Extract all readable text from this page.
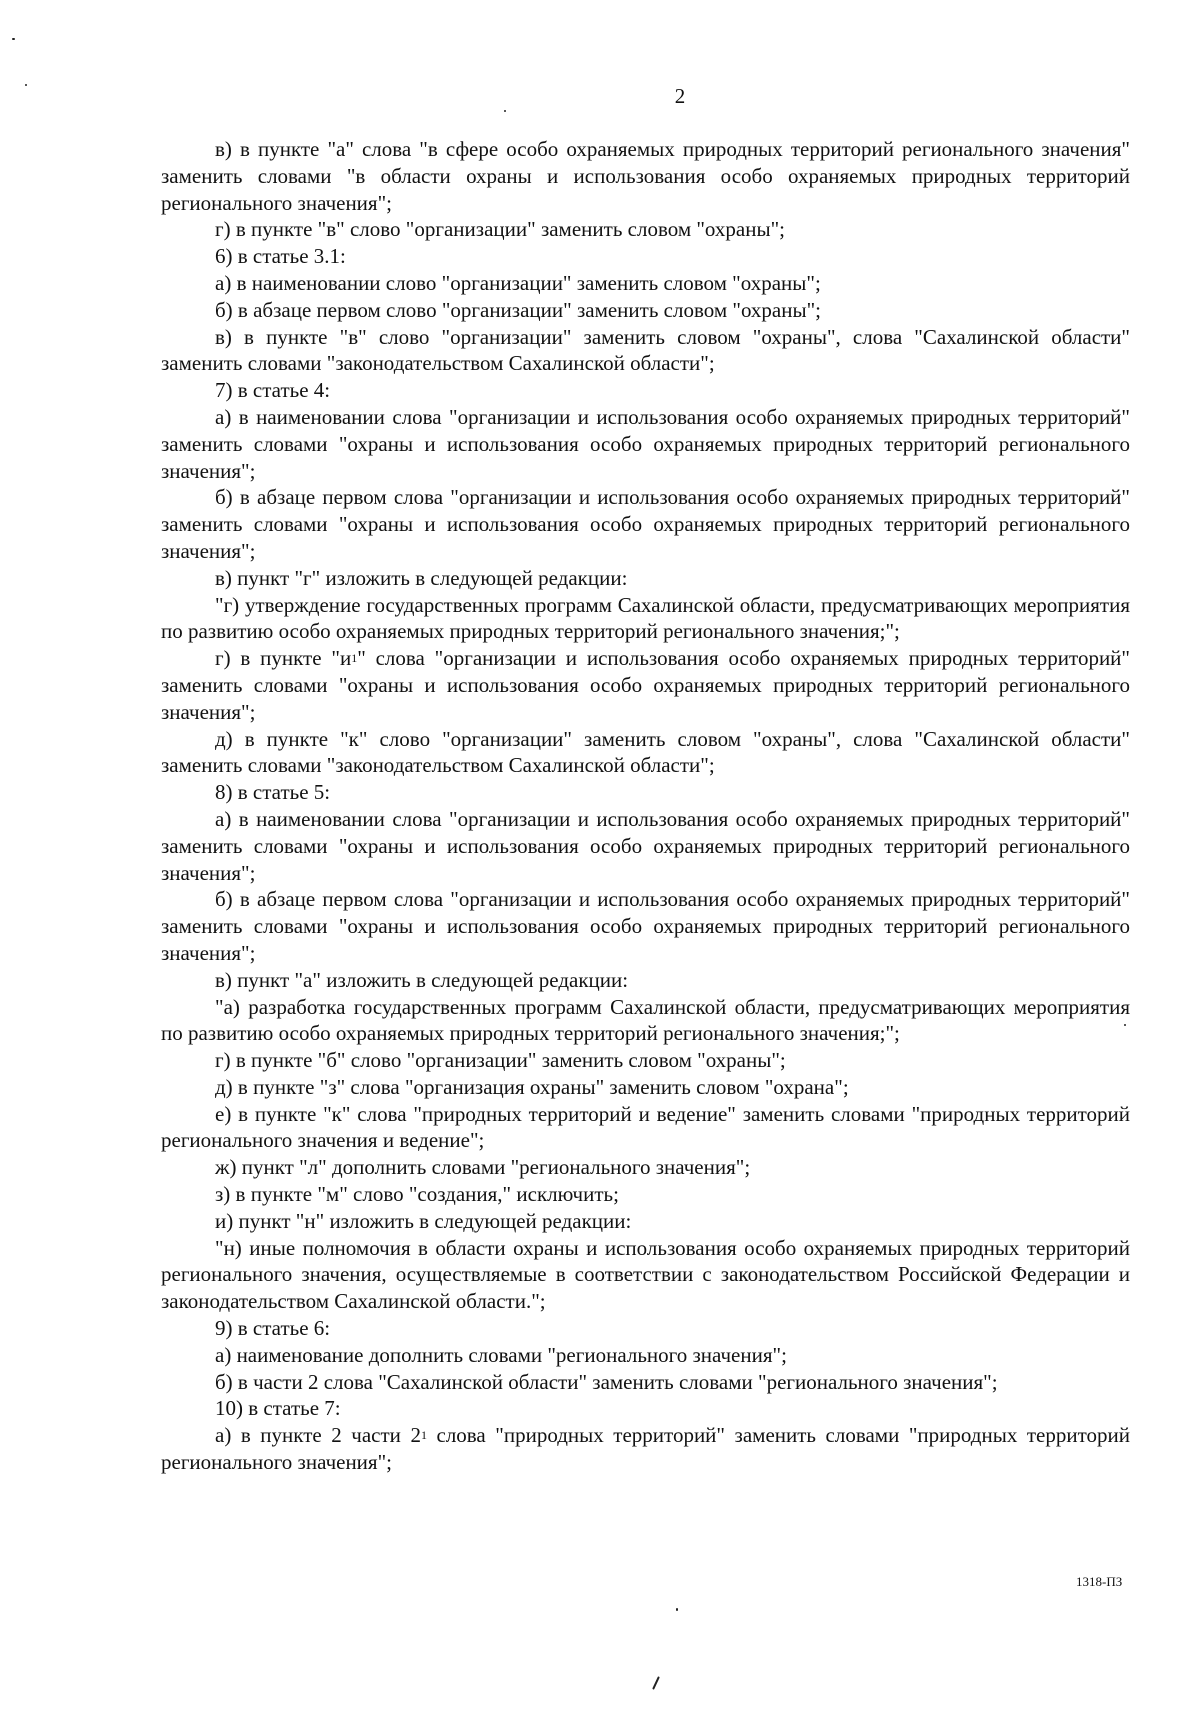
2

в) в пункте "а" слова "в сфере особо охраняемых природных территорий регионального значения" заменить словами "в области охраны и использования особо охраняемых природных территорий регионального значения";

г) в пункте "в" слово "организации" заменить словом "охраны";

6) в статье 3.1:

а) в наименовании слово "организации" заменить словом "охраны";

б) в абзаце первом слово "организации" заменить словом "охраны";

в) в пункте "в" слово "организации" заменить словом "охраны", слова "Сахалинской области" заменить словами "законодательством Сахалинской области";

7) в статье 4:

а) в наименовании слова "организации и использования особо охраняемых природных территорий" заменить словами "охраны и использования особо охраняемых природных территорий регионального значения";

б) в абзаце первом слова "организации и использования особо охраняемых природных территорий" заменить словами "охраны и использования особо охраняемых природных территорий регионального значения";

в) пункт "г" изложить в следующей редакции:

"г) утверждение государственных программ Сахалинской области, предусматривающих мероприятия по развитию особо охраняемых природных территорий регионального значения;";

г) в пункте "$и^1$" слова "организации и использования особо охраняемых природных территорий" заменить словами "охраны и использования особо охраняемых природных территорий регионального значения";

д) в пункте "к" слово "организации" заменить словом "охраны", слова "Сахалинской области" заменить словами "законодательством Сахалинской области";

8) в статье 5:

а) в наименовании слова "организации и использования особо охраняемых природных территорий" заменить словами "охраны и использования особо охраняемых природных территорий регионального значения";

б) в абзаце первом слова "организации и использования особо охраняемых природных территорий" заменить словами "охраны и использования особо охраняемых природных территорий регионального значения";

в) пункт "а" изложить в следующей редакции:

"а) разработка государственных программ Сахалинской области, предусматривающих мероприятия по развитию особо охраняемых природных территорий регионального значения;";

г) в пункте "б" слово "организации" заменить словом "охраны";

д) в пункте "з" слова "организация охраны" заменить словом "охрана";

е) в пункте "к" слова "природных территорий и ведение" заменить словами "природных территорий регионального значения и ведение";

ж) пункт "л" дополнить словами "регионального значения";

з) в пункте "м" слово "создания," исключить;

и) пункт "н" изложить в следующей редакции:

"н) иные полномочия в области охраны и использования особо охраняемых природных территорий регионального значения, осуществляемые в соответствии с законодательством Российской Федерации и законодательством Сахалинской области.";

9) в статье 6:

а) наименование дополнить словами "регионального значения";

б) в части 2 слова "Сахалинской области" заменить словами "регионального значения";

10) в статье 7:

а) в пункте 2 части $2^1$ слова "природных территорий" заменить словами "природных территорий регионального значения";

1318-ПЗ
